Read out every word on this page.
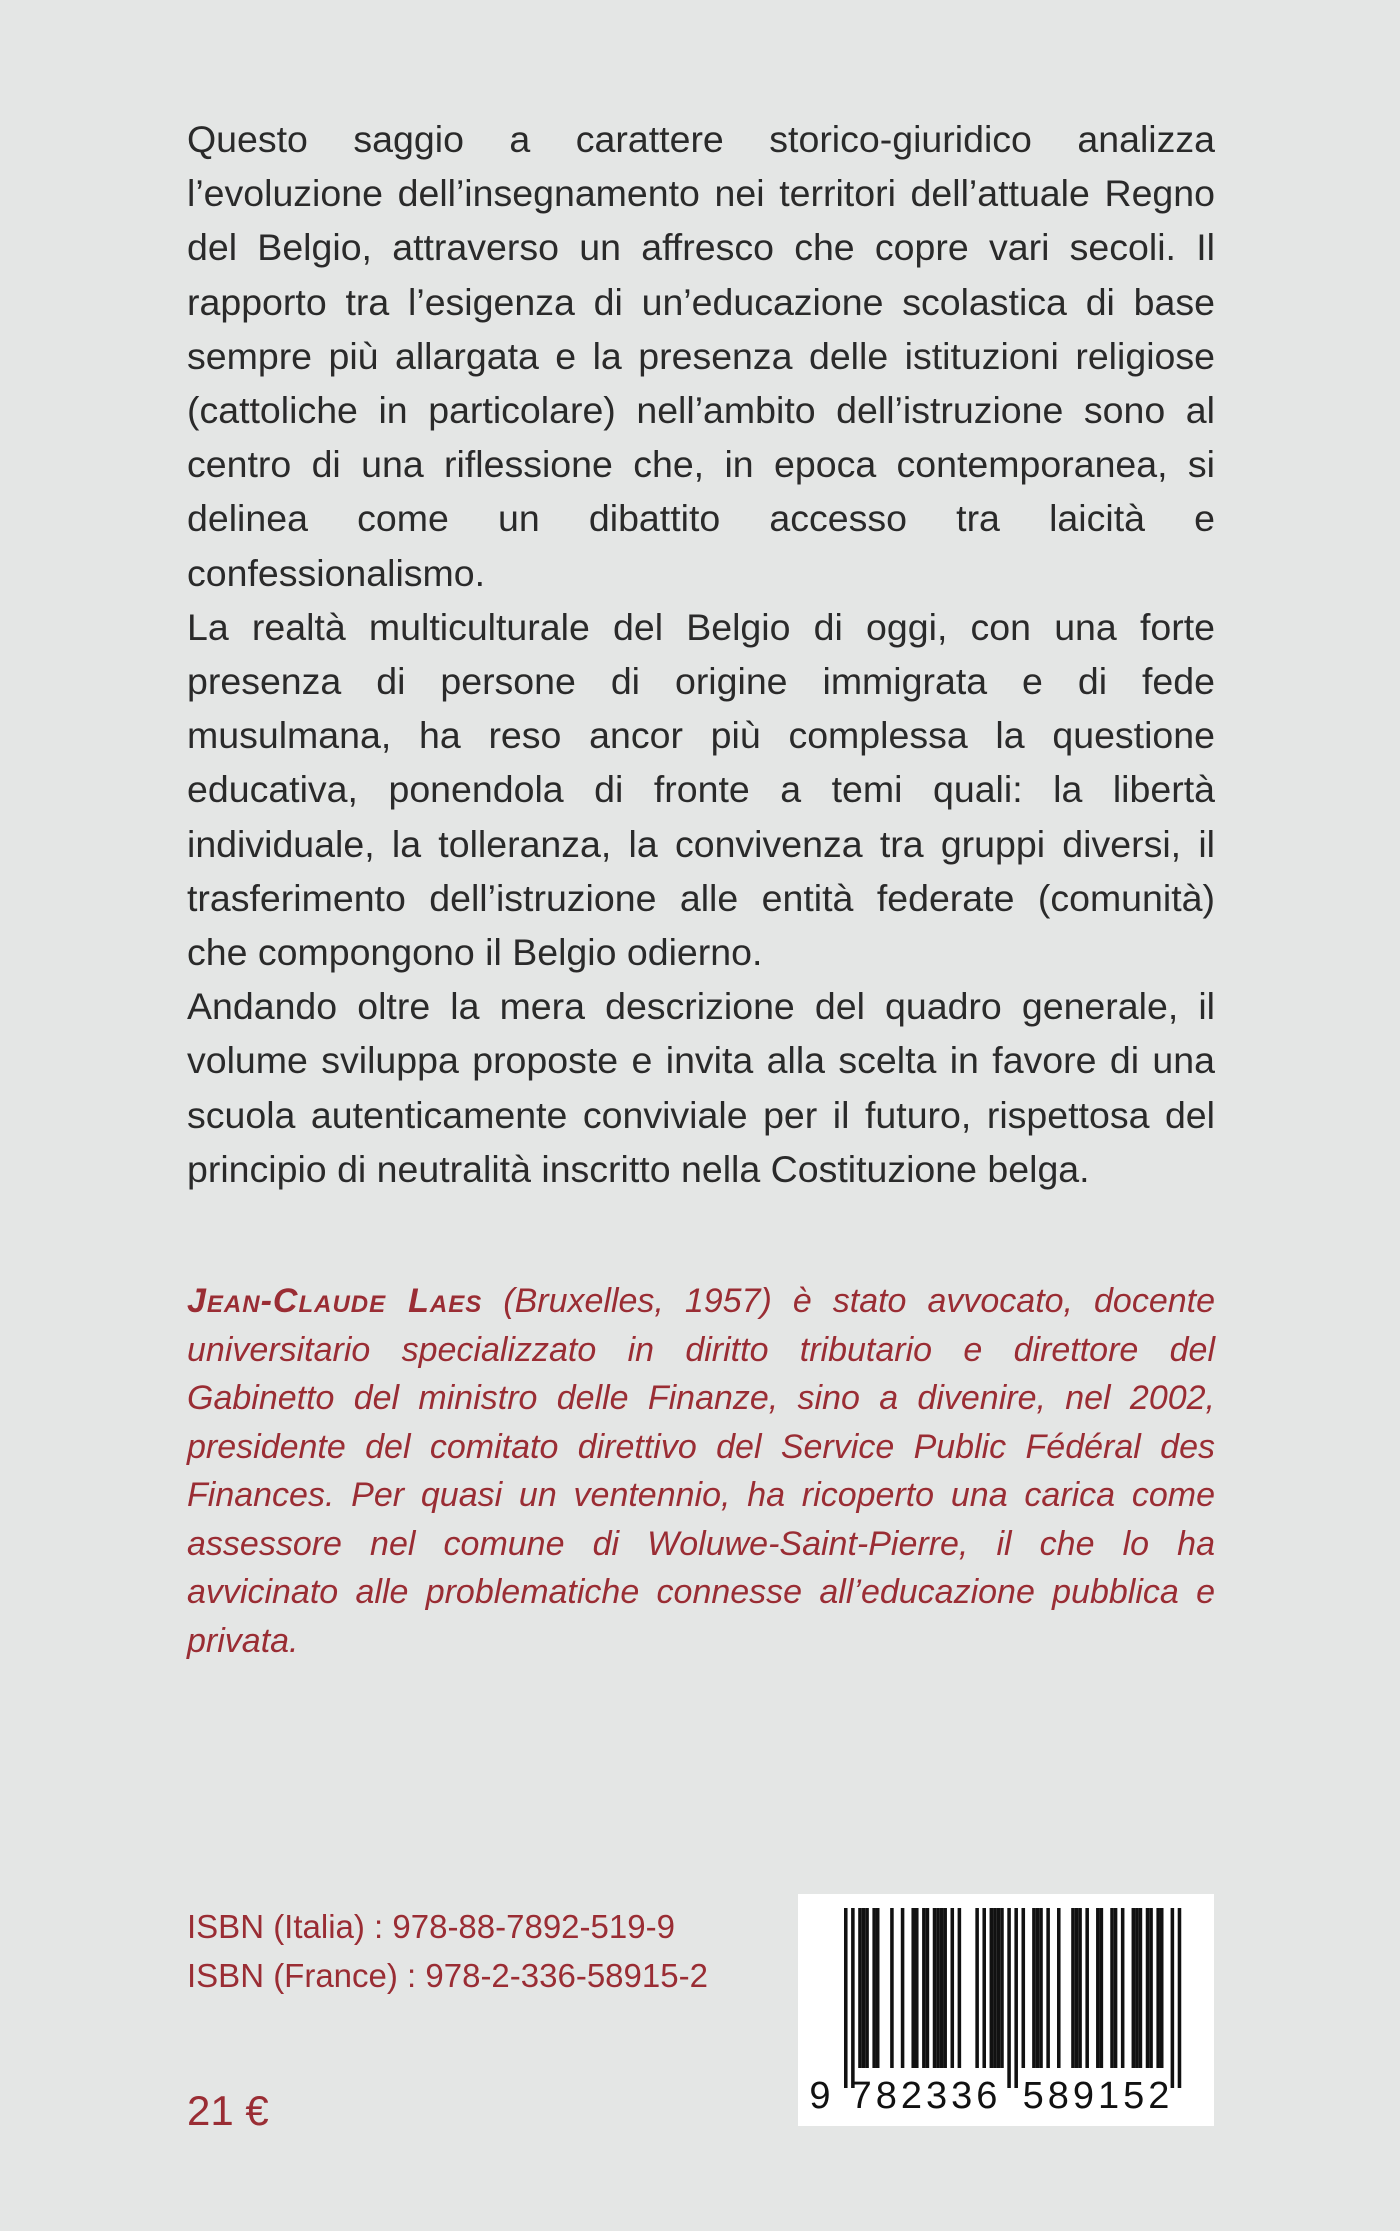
Questo saggio a carattere storico-giuridico analizza l’evoluzione dell’insegnamento nei territori dell’attuale Regno del Belgio, attraverso un affresco che copre vari secoli. Il rapporto tra l’esigenza di un’educazione scolastica di base sempre più allargata e la presenza delle istituzioni religiose (cattoliche in particolare) nell’ambito dell’istruzione sono al centro di una riflessione che, in epoca contemporanea, si delinea come un dibattito accesso tra laicità e confessionalismo.

La realtà multiculturale del Belgio di oggi, con una forte presenza di persone di origine immigrata e di fede musulmana, ha reso ancor più complessa la questione educativa, ponendola di fronte a temi quali: la libertà individuale, la tolleranza, la convivenza tra gruppi diversi, il trasferimento dell’istruzione alle entità federate (comunità) che compongono il Belgio odierno.

Andando oltre la mera descrizione del quadro generale, il volume sviluppa proposte e invita alla scelta in favore di una scuola autenticamente conviviale per il futuro, rispettosa del principio di neutralità inscritto nella Costituzione belga.

Jean-Claude Laes (Bruxelles, 1957) è stato avvocato, docente universitario specializzato in diritto tributario e direttore del Gabinetto del ministro delle Finanze, sino a divenire, nel 2002, presidente del comitato direttivo del Service Public Fédéral des Finances. Per quasi un ventennio, ha ricoperto una carica come assessore nel comune di Woluwe-Saint-Pierre, il che lo ha avvicinato alle problematiche connesse all’educazione pubblica e privata.

ISBN (Italia) : 978-88-7892-519-9
ISBN (France) : 978-2-336-58915-2
21 €	9 782336 589152
